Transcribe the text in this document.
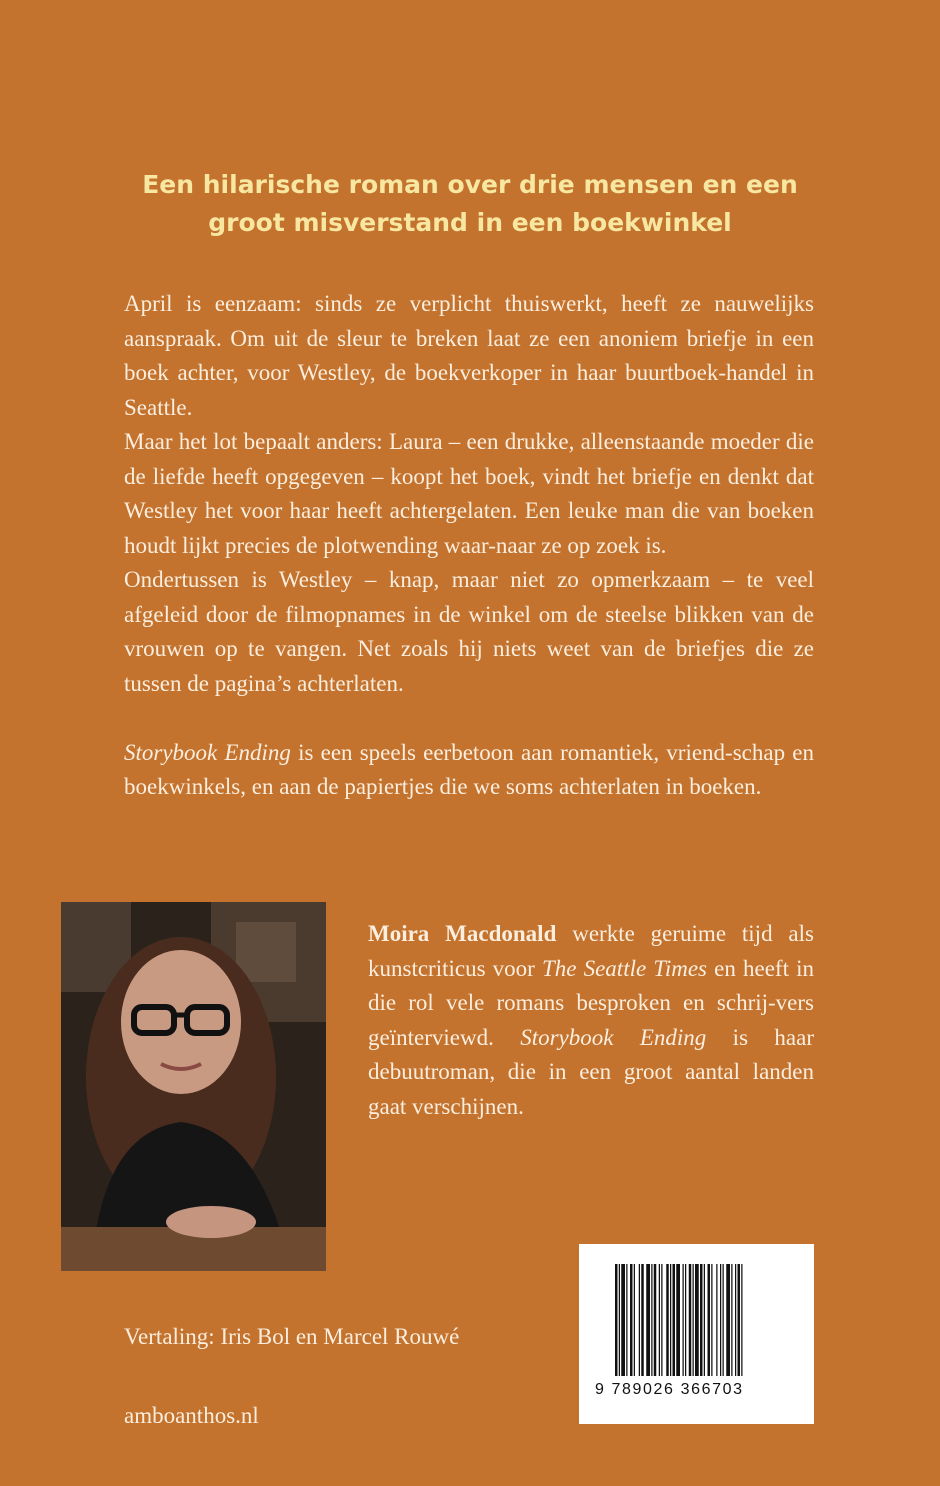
Een hilarische roman over drie mensen en een
groot misverstand in een boekwinkel

April is eenzaam: sinds ze verplicht thuiswerkt, heeft ze nauwelijks aanspraak. Om uit de sleur te breken laat ze een anoniem briefje in een boek achter, voor Westley, de boekverkoper in haar buurtboek-handel in Seattle.

Maar het lot bepaalt anders: Laura – een drukke, alleenstaande moeder die de liefde heeft opgegeven – koopt het boek, vindt het briefje en denkt dat Westley het voor haar heeft achtergelaten. Een leuke man die van boeken houdt lijkt precies de plotwending waar-naar ze op zoek is.

Ondertussen is Westley – knap, maar niet zo opmerkzaam – te veel afgeleid door de filmopnames in de winkel om de steelse blikken van de vrouwen op te vangen. Net zoals hij niets weet van de briefjes die ze tussen de pagina’s achterlaten.

Storybook Ending is een speels eerbetoon aan romantiek, vriend-schap en boekwinkels, en aan de papiertjes die we soms achterlaten in boeken.

Moira Macdonald werkte geruime tijd als kunstcriticus voor The Seattle Times en heeft in die rol vele romans besproken en schrij-vers geïnterviewd. Storybook Ending is haar debuutroman, die in een groot aantal landen gaat verschijnen.

Vertaling: Iris Bol en Marcel Rouwé

amboanthos.nl

9 789026 366703
